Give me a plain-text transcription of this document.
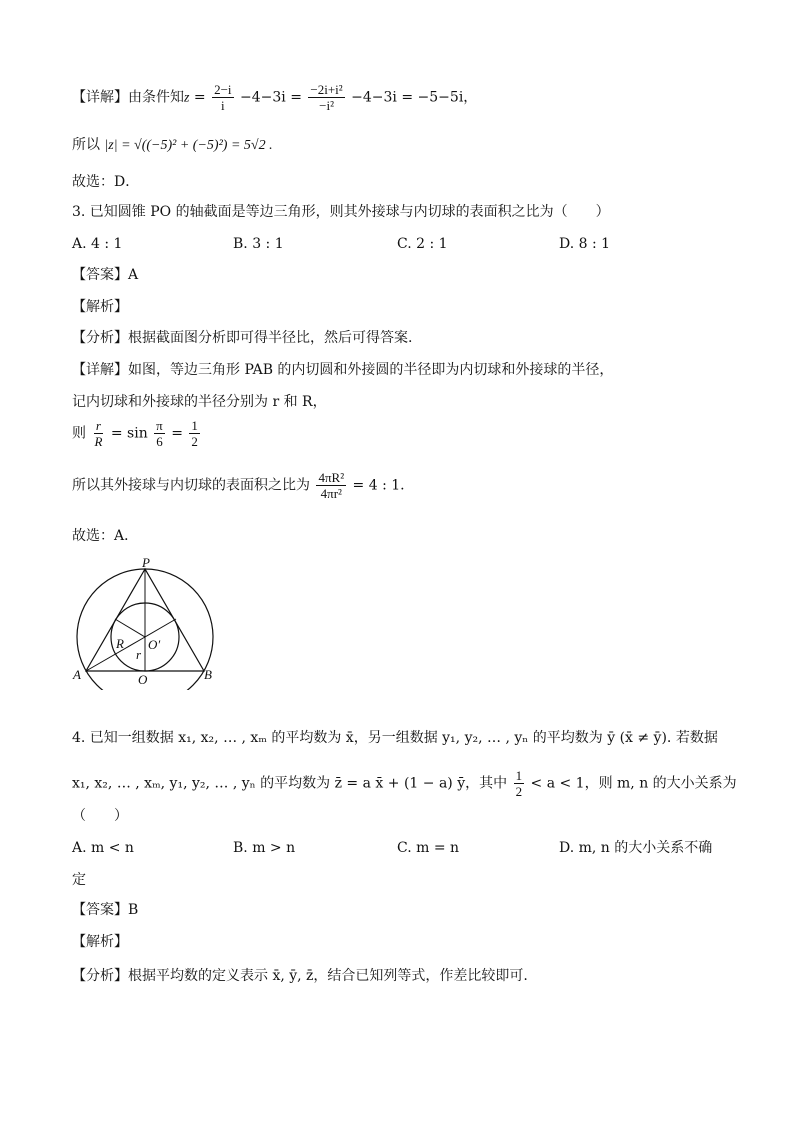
【详解】由条件知$z = \frac{2-i}{i} -4-3i = \frac{\text{−2i+i²}}{\text{−i²}} -4-3i = -5-5i$，
所以 |z| = √((−5)² + (−5)²) = 5√2 .
故选：D．
3. 已知圆锥 PO 的轴截面是等边三角形，则其外接球与内切球的表面积之比为（　　）
A. 4 : 1	B. 3 : 1	C. 2 : 1	D. 8 : 1
【答案】A
【解析】
【分析】根据截面图分析即可得半径比，然后可得答案.
【详解】如图，等边三角形 PAB 的内切圆和外接圆的半径即为内切球和外接球的半径，
记内切球和外接球的半径分别为 r 和 R，
则 $\frac{r}{R} = \sin \frac{\pi}{6} = \frac{1}{2}$
所以其外接球与内切球的表面积之比为 $\frac{\text{4πR²}}{\text{4πr²}} = 4$ : 1.
故选：A．
P
A	B
O
O′
R
r
4. 已知一组数据 x₁, x₂, … , xₘ 的平均数为 x̄，另一组数据 y₁, y₂, … , yₙ 的平均数为 ȳ (x̄ ≠ ȳ). 若数据
x₁, x₂, … , xₘ, y₁, y₂, … , yₙ 的平均数为 z̄ = a x̄ + (1 − a) ȳ，其中 $\frac{1}{2} < a < 1$，则 m, n 的大小关系为
（　　）
A. m < n	B. m > n	C. m = n	D. m, n 的大小关系不确
定
【答案】B
【解析】
【分析】根据平均数的定义表示 x̄, ȳ, z̄，结合已知列等式，作差比较即可.
